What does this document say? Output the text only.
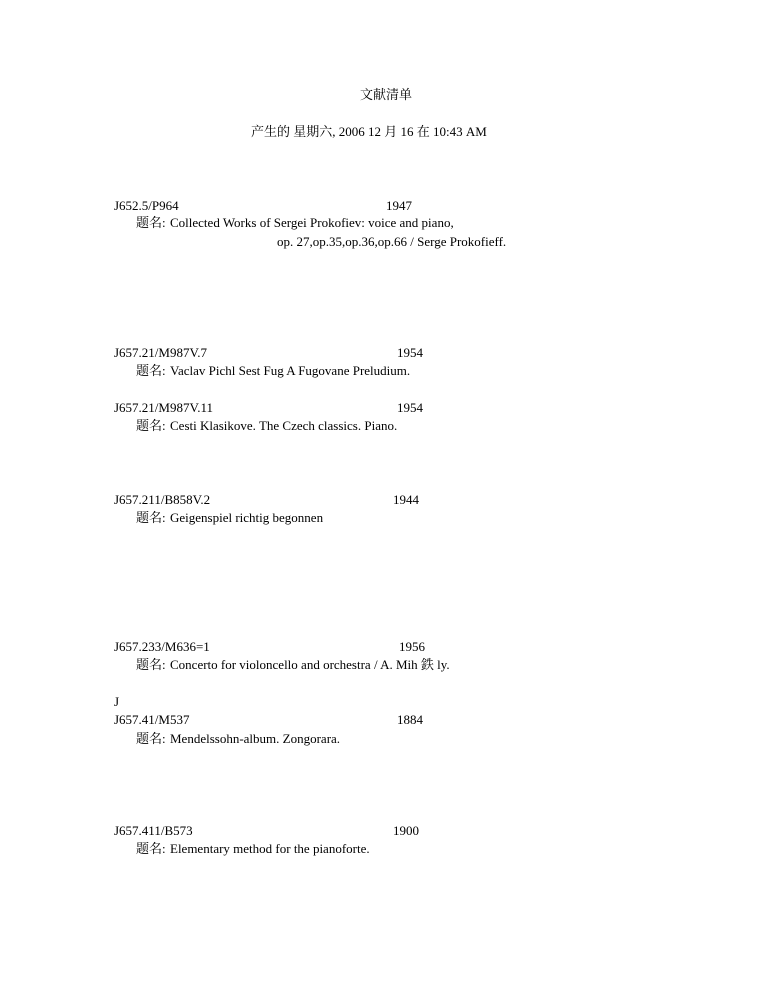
文献清单
产生的 星期六, 2006 12 月 16 在 10:43 AM
J652.5/P964	1947
题名: Collected Works of Sergei Prokofiev: voice and piano,
op. 27,op.35,op.36,op.66 / Serge Prokofieff.
J657.21/M987V.7	1954
题名: Vaclav Pichl Sest Fug A Fugovane Preludium.
J657.21/M987V.11	1954
题名: Cesti Klasikove. The Czech classics. Piano.
J657.211/B858V.2	1944
题名: Geigenspiel richtig begonnen
J657.233/M636=1	1956
题名: Concerto for violoncello and orchestra / A. Mih 鉄 ly.
J
J657.41/M537	1884
题名: Mendelssohn-album. Zongorara.
J657.411/B573	1900
题名: Elementary method for the pianoforte.
